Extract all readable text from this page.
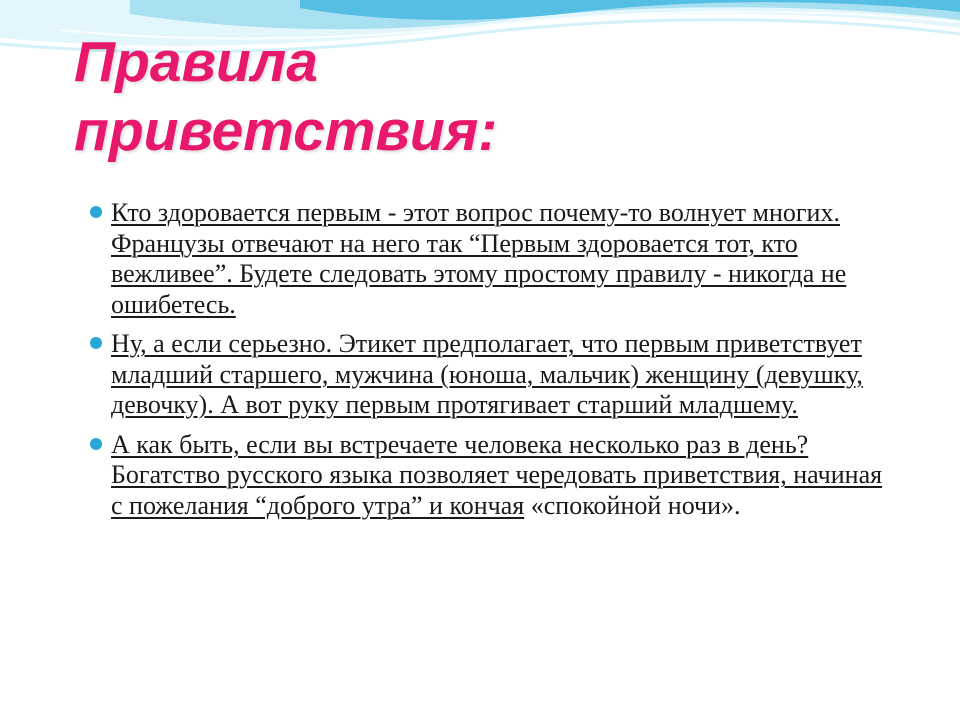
Правила
приветствия:

Кто здоровается первым - этот вопрос почему-то волнует многих. Французы отвечают на него так “Первым здоровается тот, кто вежливее”. Будете следовать этому простому правилу - никогда не ошибетесь.

Ну, а если серьезно. Этикет предполагает, что первым приветствует младший старшего, мужчина (юноша, мальчик) женщину (девушку, девочку). А вот руку первым протягивает старший младшему.

А как быть, если вы встречаете человека несколько раз в день? Богатство русского языка позволяет чередовать приветствия, начиная с пожелания “доброго утра” и кончая «спокойной ночи».
